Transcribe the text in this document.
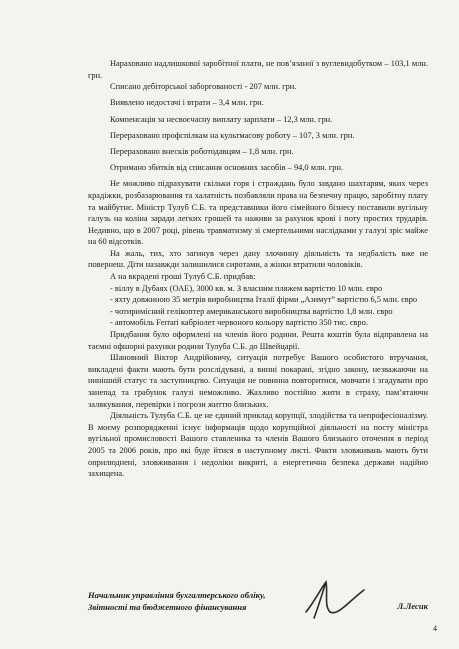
Нараховано надлишкової заробітної плати, не пов’язаної з вуглевидобутком – 103,1 млн. грн.

Списано дебіторської заборгованості - 207 млн. грн.

Виявлено недостачі і втрати – 3,4 млн. грн.

Компенсація за несвоєчасну виплату зарплати – 12,3 млн. грн.

Перераховано профспілкам на культмасову роботу – 107, 3 млн. грн.

Перераховано внесків роботодавцям – 1,8 млн. грн.

Отримано збитків від списання основних засобів – 94,0 млн. грн.

Не можливо підрахувати скільки горя і страждань було завдано шахтарям, яких через крадіжки, розбазарювання та халатність позбавляли права на безпечну працю, заробітну плату та майбутнє. Міністр Тулуб С.Б. та представники його сімейного бізнесу поставили вугільну галузь на коліна заради легких грошей та наживи за рахунок крові і поту простих трударів. Недивно, що в 2007 році, рівень травматизму зі смертельними наслідками у галузі зріс майже на 60 відсотків.

На жаль, тих, хто загинув через дану злочинну діяльність та недбалість вже не повернеш. Діти назавжди залишилися сиротами, а жінки втратили чоловіків.

А на вкрадені гроші Тулуб С.Б. придбав:

- віллу в Дубаях (ОАЕ), 3000 кв. м. З власним пляжем вартістю 10 млн. євро

- яхту довжиною 35 метрів виробництва Італії фірми „Азимут” вартістю 6,5 млн. євро

- чотиримісний гелікоптер американського виробництва вартістю 1,8 млн. євро

- автомобіль Ferrari кабріолет червоного кольору вартістю 350 тис. євро.

Придбання було оформлені на членів його родини. Решта коштів була відправлена на таємні офшорні рахунки родини Тулуба С.Б. до Швейцарії.

Шановний Віктор Андрійовичу, ситуація потребує Вашого особистого втручання, викладені факти мають бути розслідувані, а винні покарані, згідно закону, незважаючи на нинішній статус та заступництво. Ситуація не повинна повторитися, мовчати і згадувати про занепад та грабунок галузі неможливо. Жахливо постійно жити в страху, пам’ятаючи залякування, перевірки і погрози життю близьких.

Діяльність Тулуба С.Б. це не єдиний приклад корупції, злодійства та непрофесіоналізму. В моєму розпорядженні існує інформація щодо корупційної діяльності на посту міністра вугільної промисловості Вашого ставленика та членів Вашого близького оточення в період 2005 та 2006 років, про які буде йтися в наступному листі. Факти зловживань мають бути оприлюднені, зловживання і недоліки викриті, а енергетична безпека держави надійно захищена.

Начальник управління бухгалтерського обліку,
Звітності та бюджетного фінансування	Л.Лесик
4
